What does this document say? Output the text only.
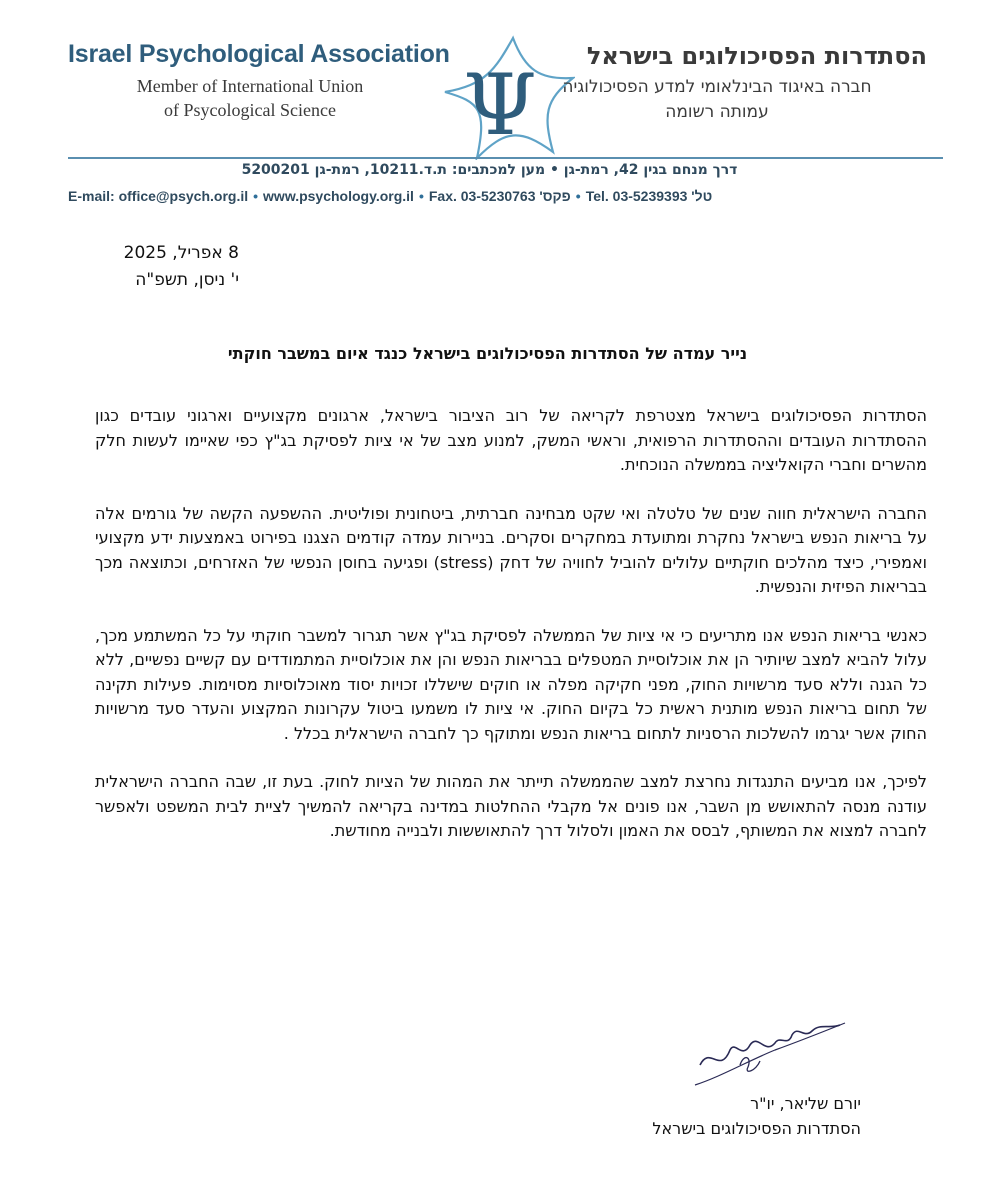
Israel Psychological Association
Member of International Union
of Psycological Science	Ψ	הסתדרות הפסיכולוגים בישראל
חברה באיגוד הבינלאומי למדע הפסיכולוגיה
עמותה רשומה
דרך מנחם בגין 42, רמת-גן • מען למכתבים: ת.ד.10211, רמת-גן 5200201
E-mail: office@psych.org.il • www.psychology.org.il • Fax. 03-5230763 'פקס • Tel. 03-5239393 'טל
8 אפריל, 2025
י' ניסן, תשפ"ה
נייר עמדה של הסתדרות הפסיכולוגים בישראל כנגד איום במשבר חוקתי

הסתדרות הפסיכולוגים בישראל מצטרפת לקריאה של רוב הציבור בישראל, ארגונים מקצועיים וארגוני עובדים כגון ההסתדרות העובדים וההסתדרות הרפואית, וראשי המשק, למנוע מצב של אי ציות לפסיקת בג"ץ כפי שאיימו לעשות חלק מהשרים וחברי הקואליציה בממשלה הנוכחית.

החברה הישראלית חווה שנים של טלטלה ואי שקט מבחינה חברתית, ביטחונית ופוליטית. ההשפעה הקשה של גורמים אלה על בריאות הנפש בישראל נחקרת ומתועדת במחקרים וסקרים. בניירות עמדה קודמים הצגנו בפירוט באמצעות ידע מקצועי ואמפירי, כיצד מהלכים חוקתיים עלולים להוביל לחוויה של דחק (stress) ופגיעה בחוסן הנפשי של האזרחים, וכתוצאה מכך בבריאות הפיזית והנפשית.

כאנשי בריאות הנפש אנו מתריעים כי אי ציות של הממשלה לפסיקת בג"ץ אשר תגרור למשבר חוקתי על כל המשתמע מכך, עלול להביא למצב שיותיר הן את אוכלוסיית המטפלים בבריאות הנפש והן את אוכלוסיית המתמודדים עם קשיים נפשיים, ללא כל הגנה וללא סעד מרשויות החוק, מפני חקיקה מפלה או חוקים שישללו זכויות יסוד מאוכלוסיות מסוימות. פעילות תקינה של תחום בריאות הנפש מותנית ראשית כל בקיום החוק. אי ציות לו משמעו ביטול עקרונות המקצוע והעדר סעד מרשויות החוק אשר יגרמו להשלכות הרסניות לתחום בריאות הנפש ומתוקף כך לחברה הישראלית בכלל .

לפיכך, אנו מביעים התנגדות נחרצת למצב שהממשלה תייתר את המהות של הציות לחוק. בעת זו, שבה החברה הישראלית עודנה מנסה להתאושש מן השבר, אנו פונים אל מקבלי ההחלטות במדינה בקריאה להמשיך לציית לבית המשפט ולאפשר לחברה למצוא את המשותף, לבסס את האמון ולסלול דרך להתאוששות ולבנייה מחודשת.

יורם שליאר, יו"ר
הסתדרות הפסיכולוגים בישראל
